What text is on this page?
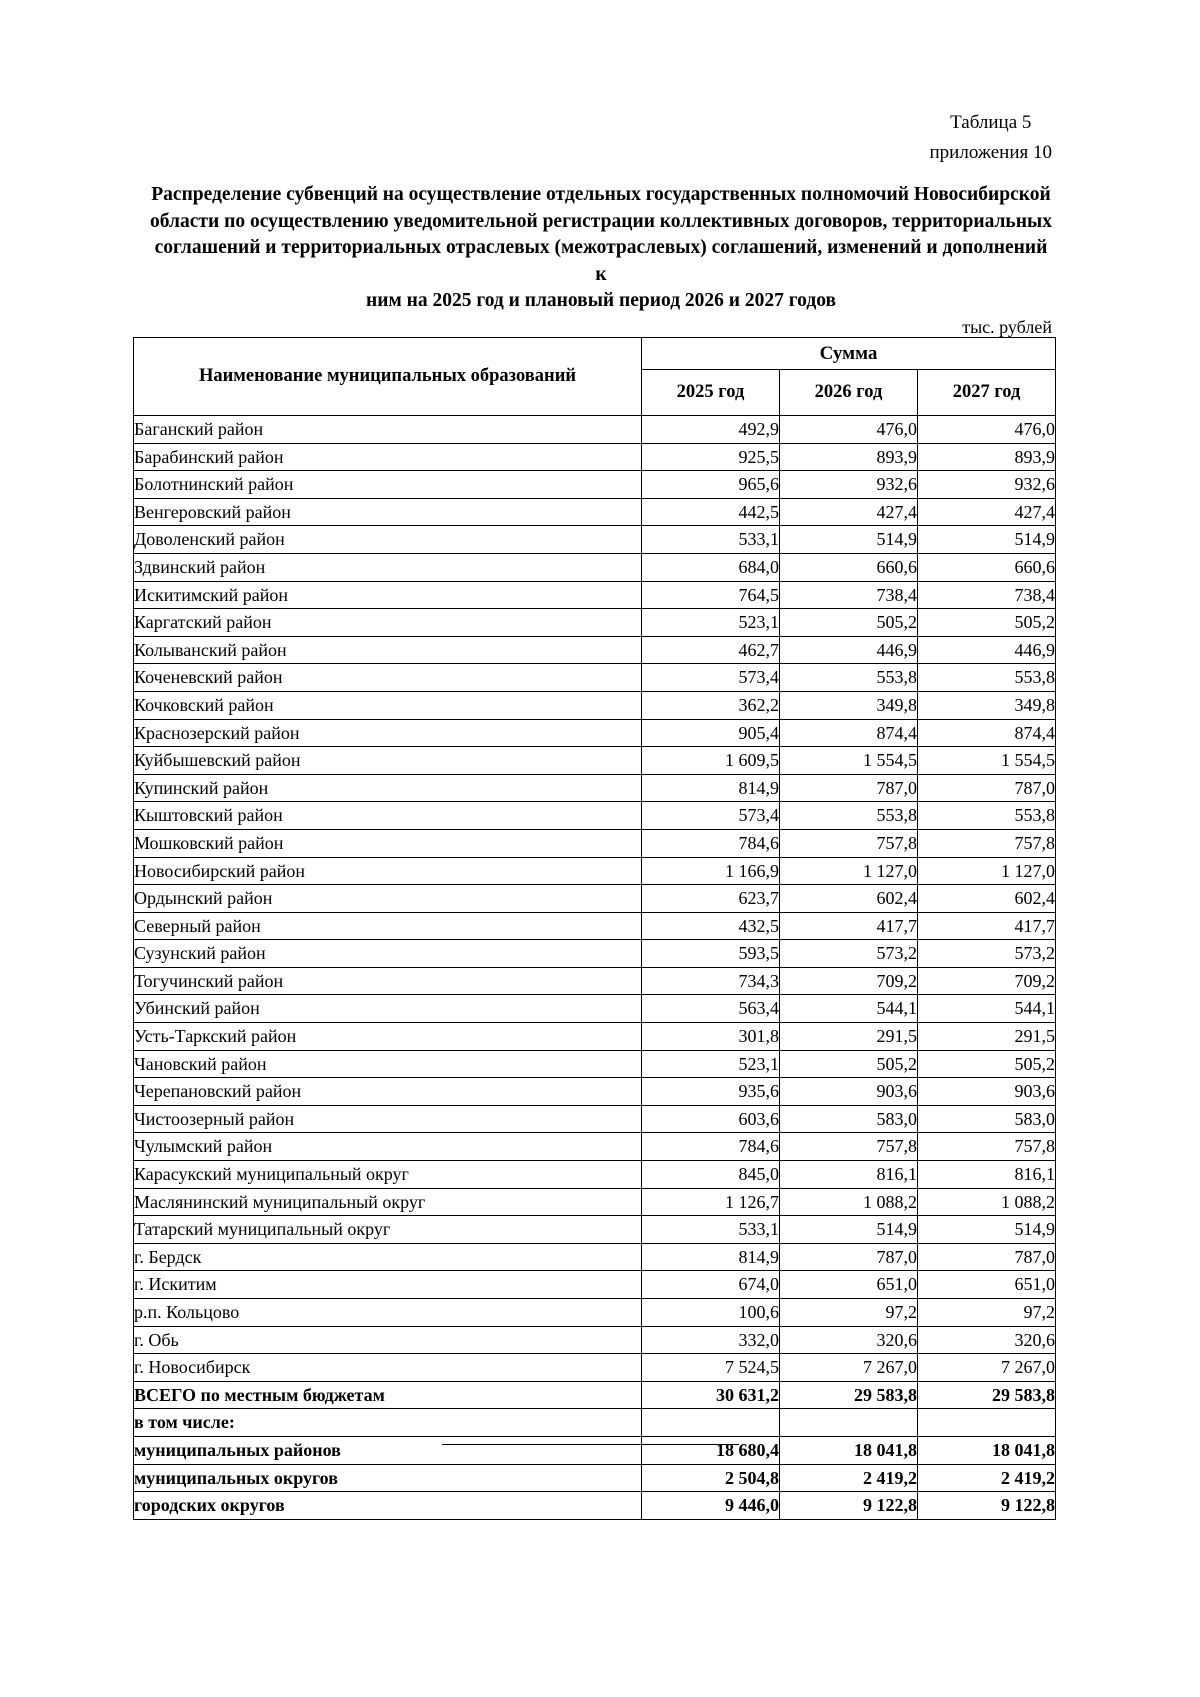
Таблица 5
приложения 10
Распределение субвенций на осуществление отдельных государственных полномочий Новосибирской
области по осуществлению уведомительной регистрации коллективных договоров, территориальных
соглашений и территориальных отраслевых (межотраслевых) соглашений, изменений и дополнений к
ним на 2025 год и плановый период 2026 и 2027 годов
тыс. рублей
Наименование муниципальных образований	Сумма		
	2025 год	2026 год	2027 год
Баганский район	492,9	476,0	476,0
Барабинский район	925,5	893,9	893,9
Болотнинский район	965,6	932,6	932,6
Венгеровский район	442,5	427,4	427,4
Доволенский район	533,1	514,9	514,9
Здвинский район	684,0	660,6	660,6
Искитимский район	764,5	738,4	738,4
Каргатский район	523,1	505,2	505,2
Колыванский район	462,7	446,9	446,9
Коченевский район	573,4	553,8	553,8
Кочковский район	362,2	349,8	349,8
Краснозерский район	905,4	874,4	874,4
Куйбышевский район	1 609,5	1 554,5	1 554,5
Купинский район	814,9	787,0	787,0
Кыштовский район	573,4	553,8	553,8
Мошковский район	784,6	757,8	757,8
Новосибирский район	1 166,9	1 127,0	1 127,0
Ордынский район	623,7	602,4	602,4
Северный район	432,5	417,7	417,7
Сузунский район	593,5	573,2	573,2
Тогучинский район	734,3	709,2	709,2
Убинский район	563,4	544,1	544,1
Усть-Таркский район	301,8	291,5	291,5
Чановский район	523,1	505,2	505,2
Черепановский район	935,6	903,6	903,6
Чистоозерный район	603,6	583,0	583,0
Чулымский район	784,6	757,8	757,8
Карасукский муниципальный округ	845,0	816,1	816,1
Маслянинский муниципальный округ	1 126,7	1 088,2	1 088,2
Татарский муниципальный округ	533,1	514,9	514,9
г. Бердск	814,9	787,0	787,0
г. Искитим	674,0	651,0	651,0
р.п. Кольцово	100,6	97,2	97,2
г. Обь	332,0	320,6	320,6
г. Новосибирск	7 524,5	7 267,0	7 267,0
ВСЕГО по местным бюджетам	30 631,2	29 583,8	29 583,8
в том числе:			
муниципальных районов	18 680,4	18 041,8	18 041,8
муниципальных округов	2 504,8	2 419,2	2 419,2
городских округов	9 446,0	9 122,8	9 122,8
